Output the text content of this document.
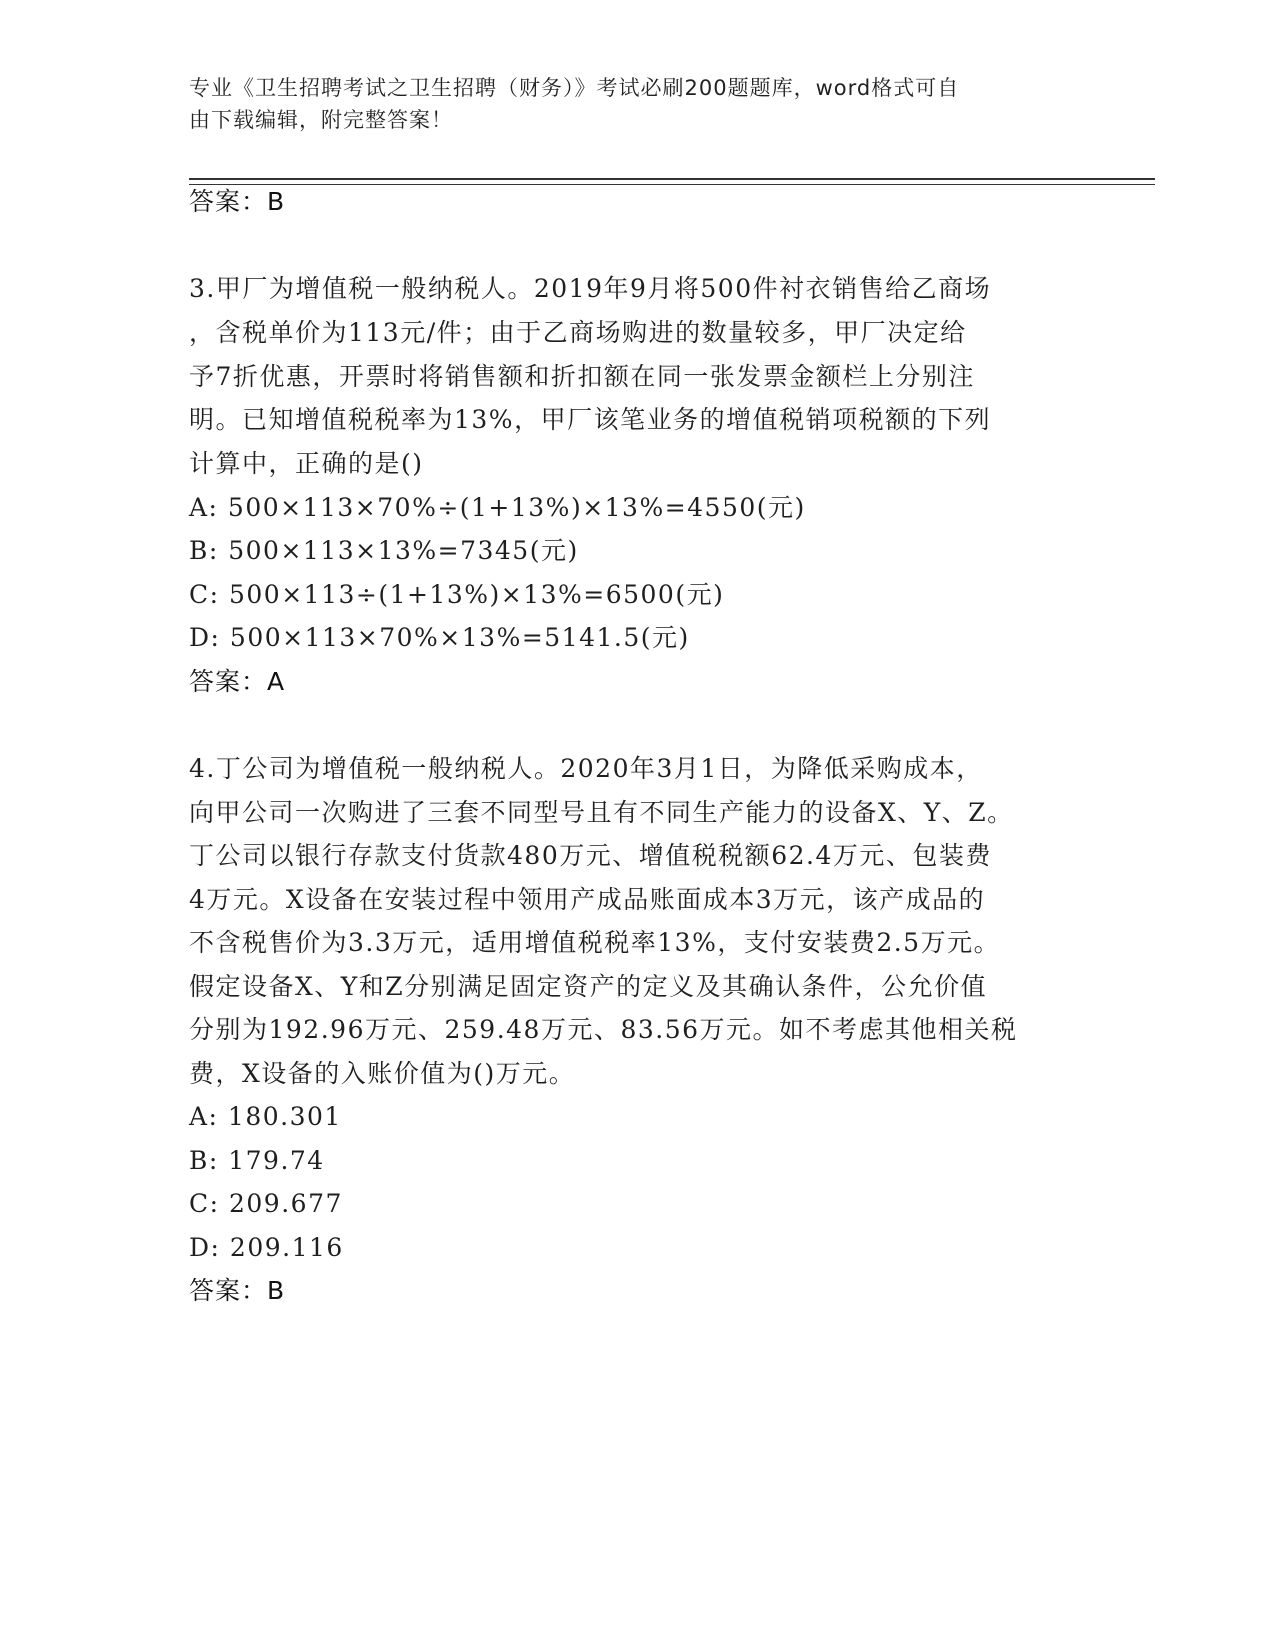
专业《卫生招聘考试之卫生招聘（财务）》考试必刷200题题库，word格式可自
由下载编辑，附完整答案！
答案：B
3.甲厂为增值税一般纳税人。2019年9月将500件衬衣销售给乙商场
，含税单价为113元/件；由于乙商场购进的数量较多，甲厂决定给
予7折优惠，开票时将销售额和折扣额在同一张发票金额栏上分别注
明。已知增值税税率为13%，甲厂该笔业务的增值税销项税额的下列
计算中，正确的是()
A: 500×113×70%÷(1+13%)×13%=4550(元)
B: 500×113×13%=7345(元)
C: 500×113÷(1+13%)×13%=6500(元)
D: 500×113×70%×13%=5141.5(元)
答案：A
4.丁公司为增值税一般纳税人。2020年3月1日，为降低采购成本，
向甲公司一次购进了三套不同型号且有不同生产能力的设备X、Y、Z。
丁公司以银行存款支付货款480万元、增值税税额62.4万元、包装费
4万元。X设备在安装过程中领用产成品账面成本3万元，该产成品的
不含税售价为3.3万元，适用增值税税率13%，支付安装费2.5万元。
假定设备X、Y和Z分别满足固定资产的定义及其确认条件，公允价值
分别为192.96万元、259.48万元、83.56万元。如不考虑其他相关税
费，X设备的入账价值为()万元。
A: 180.301
B: 179.74
C: 209.677
D: 209.116
答案：B
